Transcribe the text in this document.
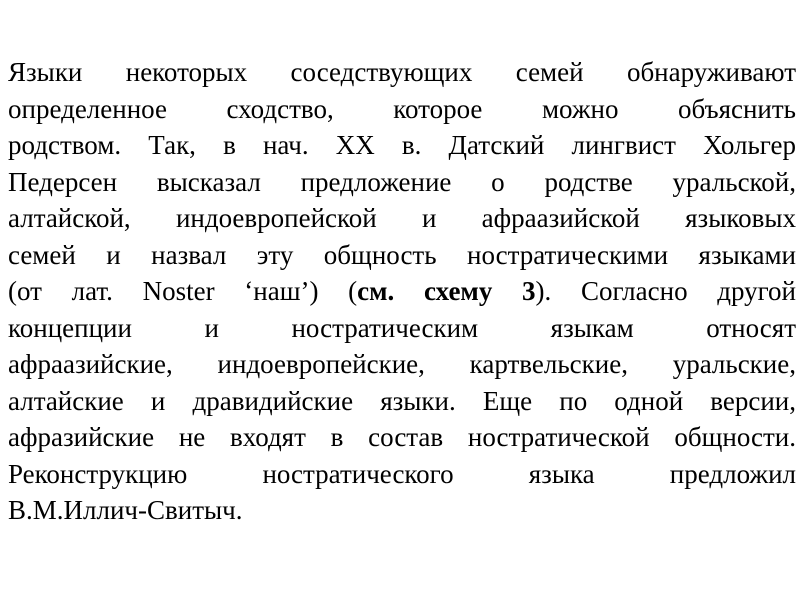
Языки некоторых соседствующих семей обнаруживают
определенное сходство, которое можно объяснить
родством. Так, в нач. XX в. Датский лингвист Хольгер
Педерсен высказал предложение о родстве уральской,
алтайской, индоевропейской и афраазийской языковых
семей и назвал эту общность ностратическими языками
(от лат. Noster ‘наш’) (см. схему 3). Согласно другой
концепции и ностратическим языкам относят
афраазийские, индоевропейские, картвельские, уральские,
алтайские и дравидийские языки. Еще по одной версии,
афразийские не входят в состав ностратической общности.
Реконструкцию ностратического языка предложил
В.М.Иллич-Свитыч.
